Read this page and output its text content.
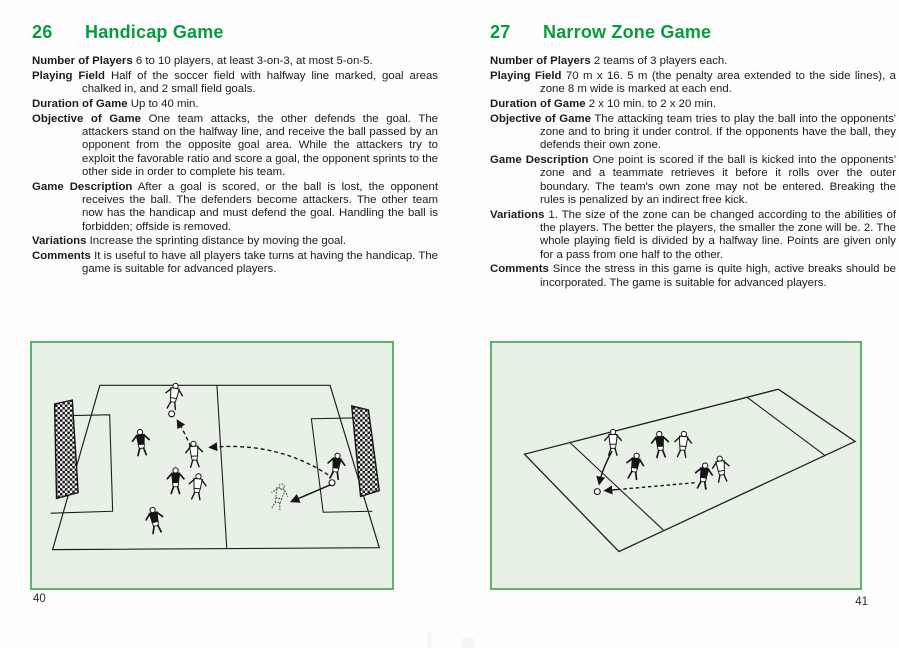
26	Handicap Game
Number of Players 6 to 10 players, at least 3-on-3, at most 5-on-5.
Playing Field Half of the soccer field with halfway line marked, goal areas chalked in, and 2 small field goals.
Duration of Game Up to 40 min.
Objective of Game One team attacks, the other defends the goal. The attackers stand on the halfway line, and receive the ball passed by an opponent from the opposite goal area. While the attackers try to exploit the favorable ratio and score a goal, the opponent sprints to the other side in order to complete his team.
Game Description After a goal is scored, or the ball is lost, the opponent receives the ball. The defenders become attackers. The other team now has the handicap and must defend the goal. Handling the ball is forbidden; offside is removed.
Variations Increase the sprinting distance by moving the goal.
Comments It is useful to have all players take turns at having the handicap. The game is suitable for advanced players.
27	Narrow Zone Game
Number of Players 2 teams of 3 players each.
Playing Field 70 m x 16. 5 m (the penalty area extended to the side lines), a zone 8 m wide is marked at each end.
Duration of Game 2 x 10 min. to 2 x 20 min.
Objective of Game The attacking team tries to play the ball into the opponents' zone and to bring it under control. If the opponents have the ball, they defends their own zone.
Game Description One point is scored if the ball is kicked into the opponents' zone and a teammate retrieves it before it rolls over the outer boundary. The team's own zone may not be entered. Breaking the rules is penalized by an indirect free kick.
Variations 1. The size of the zone can be changed according to the abilities of the players. The better the players, the smaller the zone will be. 2. The whole playing field is divided by a halfway line. Points are given only for a pass from one half to the other.
Comments Since the stress in this game is quite high, active breaks should be incorporated. The game is suitable for advanced players.
40	41
